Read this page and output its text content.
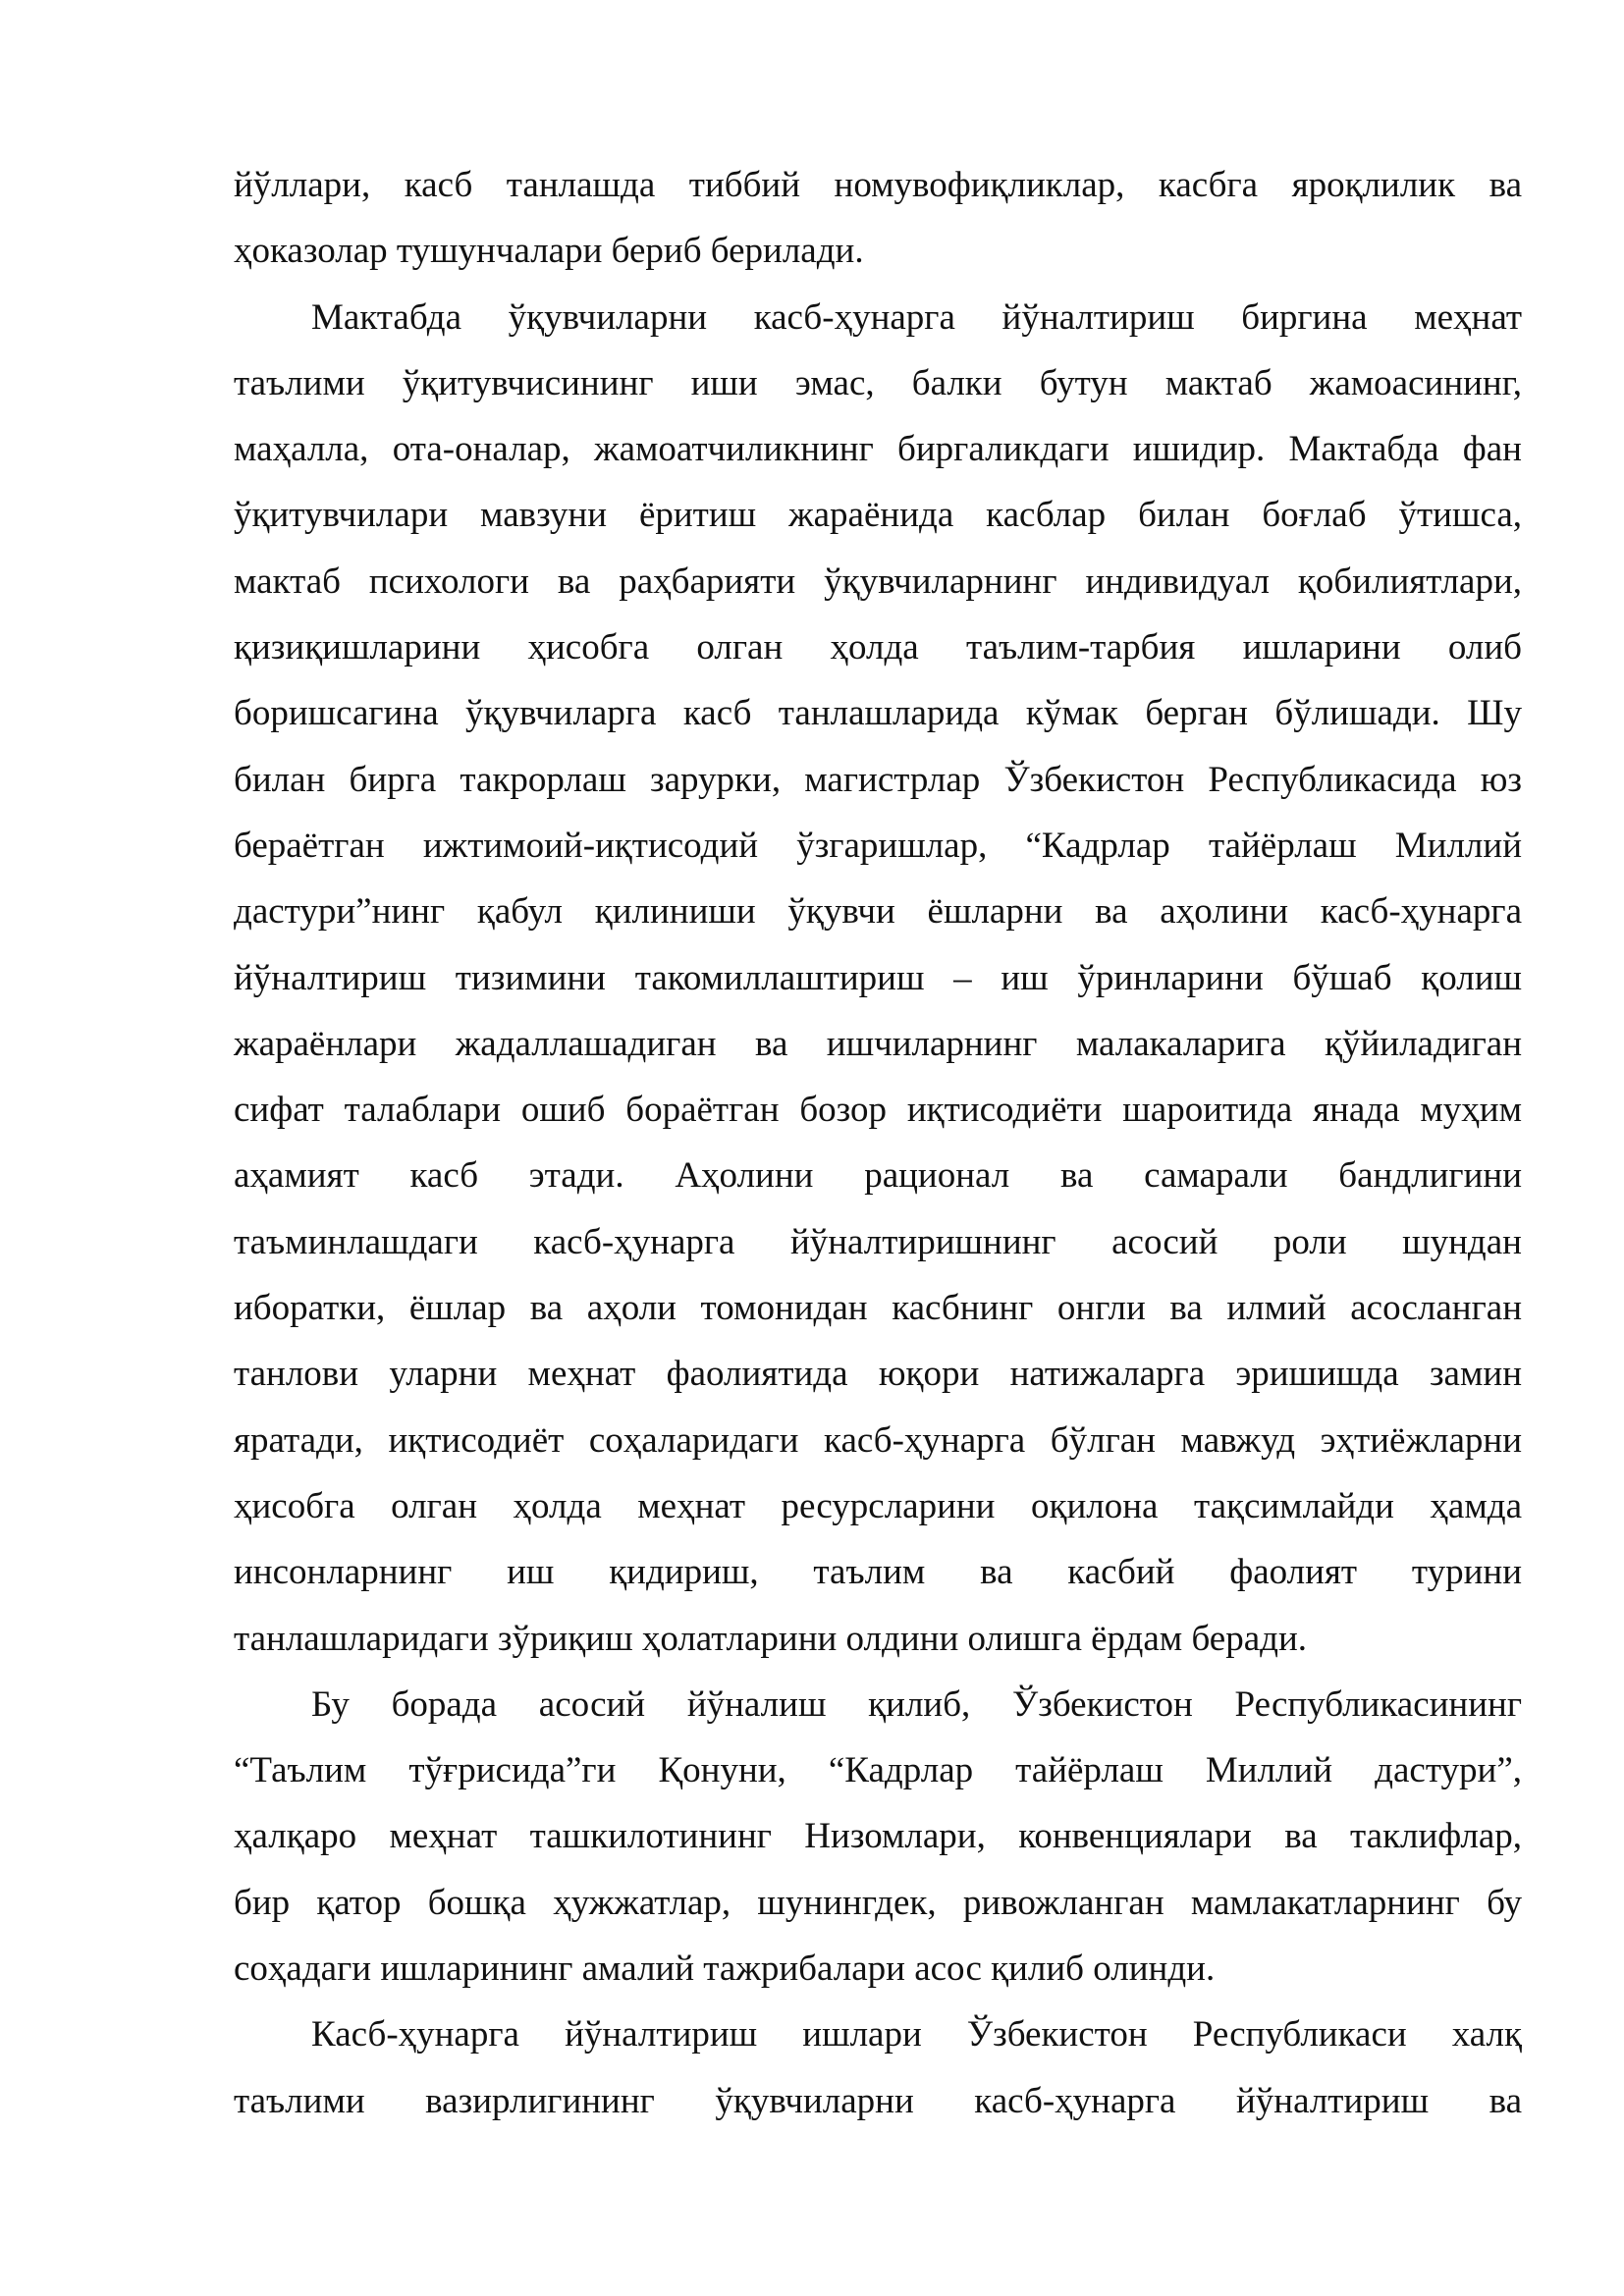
йўллари, касб танлашда тиббий номувофиқликлар, касбга яроқлилик ва
ҳоказолар тушунчалари бериб берилади.
Мактабда ўқувчиларни касб-ҳунарга йўналтириш биргина меҳнат
таълими ўқитувчисининг иши эмас, балки бутун мактаб жамоасининг,
маҳалла, ота-оналар, жамоатчиликнинг биргаликдаги ишидир. Мактабда фан
ўқитувчилари мавзуни ёритиш жараёнида касблар билан боғлаб ўтишса,
мактаб психологи ва раҳбарияти ўқувчиларнинг индивидуал қобилиятлари,
қизиқишларини ҳисобга олган ҳолда таълим-тарбия ишларини олиб
боришсагина ўқувчиларга касб танлашларида кўмак берган бўлишади. Шу
билан бирга такрорлаш зарурки, магистрлар Ўзбекистон Республикасида юз
бераётган ижтимоий-иқтисодий ўзгаришлар, “Кадрлар тайёрлаш Миллий
дастури”нинг қабул қилиниши ўқувчи ёшларни ва аҳолини касб-ҳунарга
йўналтириш тизимини такомиллаштириш – иш ўринларини бўшаб қолиш
жараёнлари жадаллашадиган ва ишчиларнинг малакаларига қўйиладиган
сифат талаблари ошиб бораётган бозор иқтисодиёти шароитида янада муҳим
аҳамият касб этади. Аҳолини рационал ва самарали бандлигини
таъминлашдаги касб-ҳунарга йўналтиришнинг асосий роли шундан
иборатки, ёшлар ва аҳоли томонидан касбнинг онгли ва илмий асосланган
танлови уларни меҳнат фаолиятида юқори натижаларга эришишда замин
яратади, иқтисодиёт соҳаларидаги касб-ҳунарга бўлган мавжуд эҳтиёжларни
ҳисобга олган ҳолда меҳнат ресурсларини оқилона тақсимлайди ҳамда
инсонларнинг иш қидириш, таълим ва касбий фаолият турини
танлашларидаги зўриқиш ҳолатларини олдини олишга ёрдам беради.
Бу борада асосий йўналиш қилиб, Ўзбекистон Республикасининг
“Таълим тўғрисида”ги Қонуни, “Кадрлар тайёрлаш Миллий дастури”,
ҳалқаро меҳнат ташкилотининг Низомлари, конвенциялари ва таклифлар,
бир қатор бошқа ҳужжатлар, шунингдек, ривожланган мамлакатларнинг бу
соҳадаги ишларининг амалий тажрибалари асос қилиб олинди.
Касб-ҳунарга йўналтириш ишлари Ўзбекистон Республикаси халқ
таълими вазирлигининг ўқувчиларни касб-ҳунарга йўналтириш ва
